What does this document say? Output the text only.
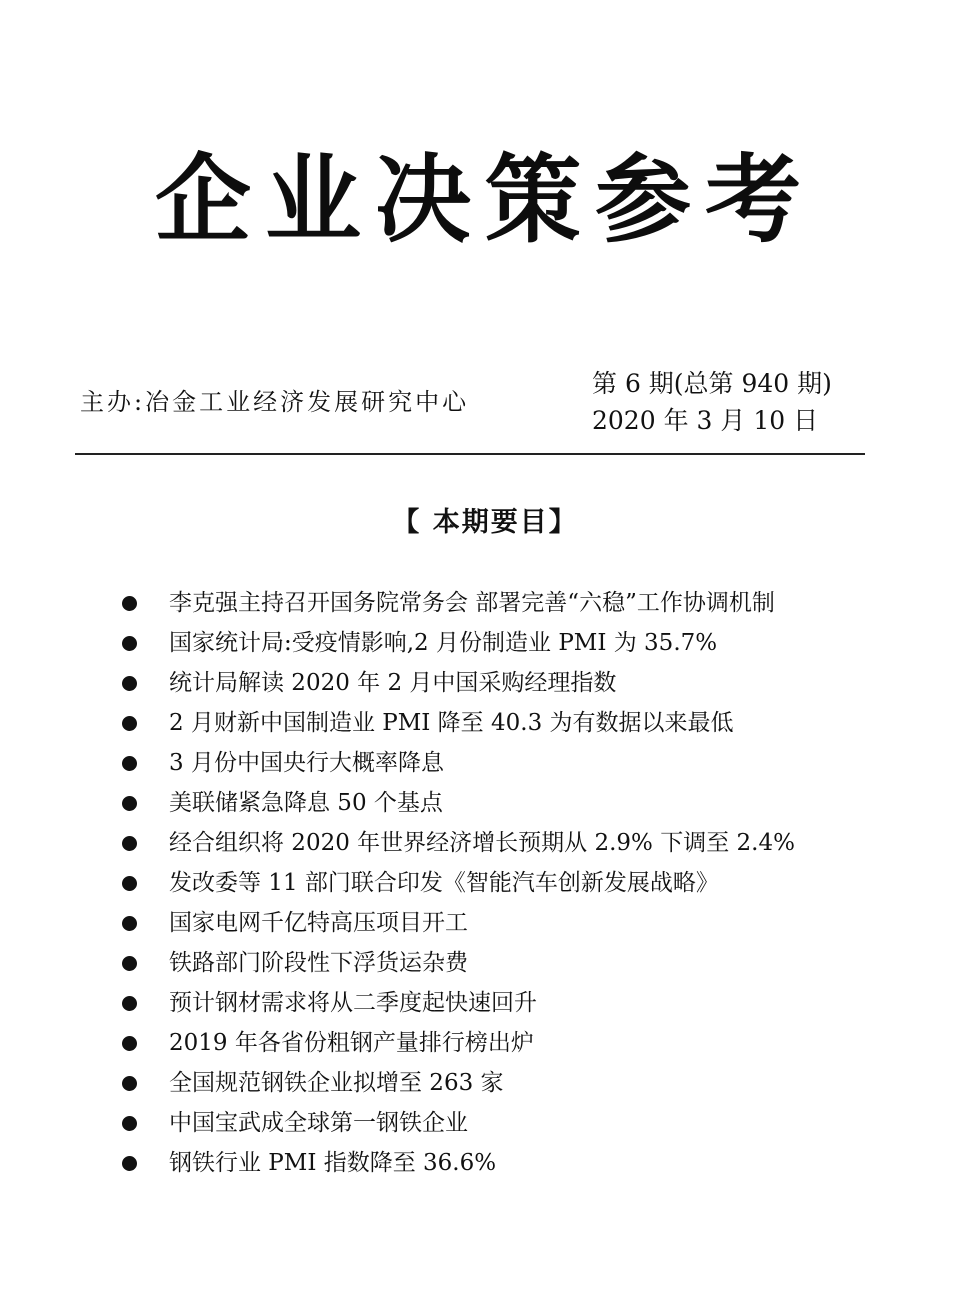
企业决策参考
主办:冶金工业经济发展研究中心
第 6 期(总第 940 期)
2020 年 3 月 10 日
【 本期要目】
李克强主持召开国务院常务会 部署完善“六稳”工作协调机制
国家统计局:受疫情影响,2 月份制造业 PMI 为 35.7%
统计局解读 2020 年 2 月中国采购经理指数
2 月财新中国制造业 PMI 降至 40.3 为有数据以来最低
3 月份中国央行大概率降息
美联储紧急降息 50 个基点
经合组织将 2020 年世界经济增长预期从 2.9% 下调至 2.4%
发改委等 11 部门联合印发《智能汽车创新发展战略》
国家电网千亿特高压项目开工
铁路部门阶段性下浮货运杂费
预计钢材需求将从二季度起快速回升
2019 年各省份粗钢产量排行榜出炉
全国规范钢铁企业拟增至 263 家
中国宝武成全球第一钢铁企业
钢铁行业 PMI 指数降至 36.6%
